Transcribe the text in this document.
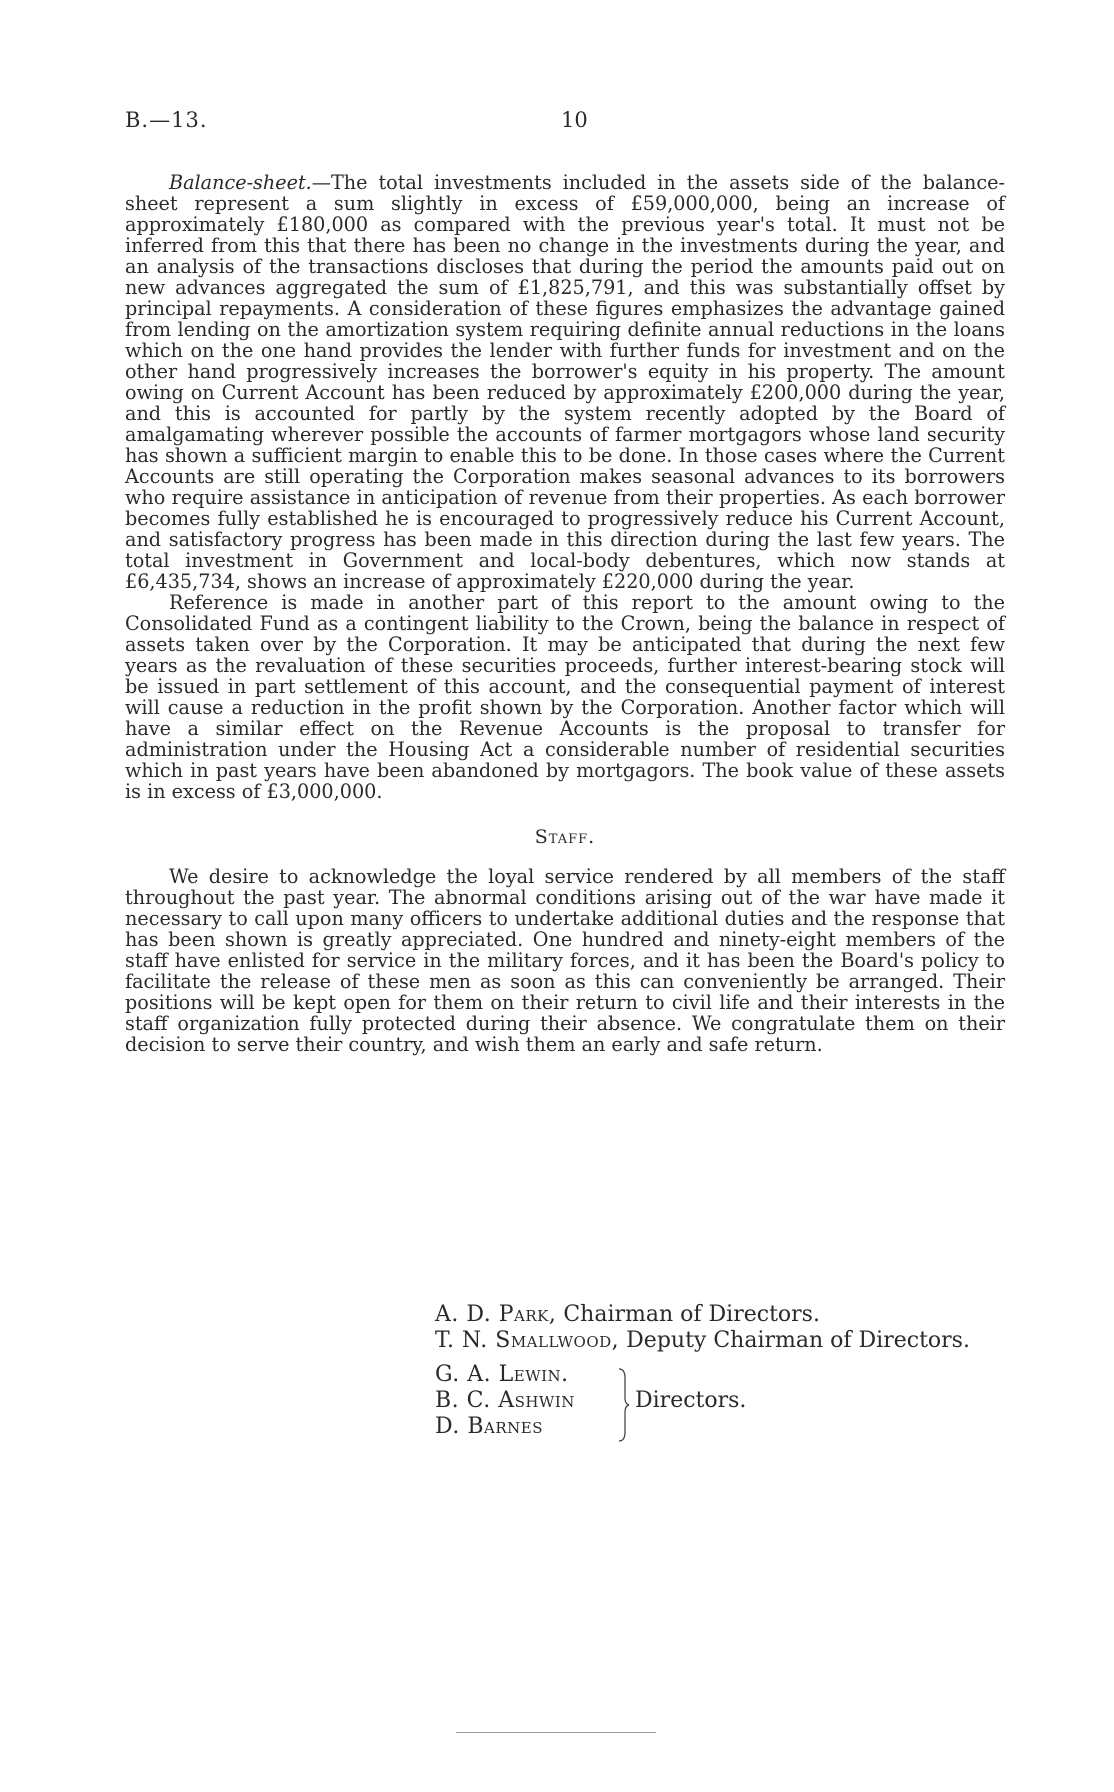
B.—13.	10

Balance-sheet.—The total investments included in the assets side of the balance-sheet represent a sum slightly in excess of £59,000,000, being an increase of approximately £180,000 as compared with the previous year's total. It must not be inferred from this that there has been no change in the investments during the year, and an analysis of the transactions discloses that during the period the amounts paid out on new advances aggregated the sum of £1,825,791, and this was substantially offset by principal repayments. A consideration of these figures emphasizes the advantage gained from lending on the amortization system requiring definite annual reductions in the loans which on the one hand provides the lender with further funds for investment and on the other hand progressively increases the borrower's equity in his property. The amount owing on Current Account has been reduced by approximately £200,000 during the year, and this is accounted for partly by the system recently adopted by the Board of amalgamating wherever possible the accounts of farmer mortgagors whose land security has shown a sufficient margin to enable this to be done. In those cases where the Current Accounts are still operating the Corporation makes seasonal advances to its borrowers who require assistance in anticipation of revenue from their properties. As each borrower becomes fully established he is encouraged to progressively reduce his Current Account, and satisfactory progress has been made in this direction during the last few years. The total investment in Government and local-body debentures, which now stands at £6,435,734, shows an increase of approximately £220,000 during the year.

Reference is made in another part of this report to the amount owing to the Consolidated Fund as a contingent liability to the Crown, being the balance in respect of assets taken over by the Corporation. It may be anticipated that during the next few years as the revaluation of these securities proceeds, further interest-bearing stock will be issued in part settlement of this account, and the consequential payment of interest will cause a reduction in the profit shown by the Corporation. Another factor which will have a similar effect on the Revenue Accounts is the proposal to transfer for administration under the Housing Act a considerable number of residential securities which in past years have been abandoned by mortgagors. The book value of these assets is in excess of £3,000,000.

Staff.

We desire to acknowledge the loyal service rendered by all members of the staff throughout the past year. The abnormal conditions arising out of the war have made it necessary to call upon many officers to undertake additional duties and the response that has been shown is greatly appreciated. One hundred and ninety-eight members of the staff have enlisted for service in the military forces, and it has been the Board's policy to facilitate the release of these men as soon as this can conveniently be arranged. Their positions will be kept open for them on their return to civil life and their interests in the staff organization fully protected during their absence. We congratulate them on their decision to serve their country, and wish them an early and safe return.

A. D. Park, Chairman of Directors.
T. N. Smallwood, Deputy Chairman of Directors.
G. A. Lewin.
B. C. Ashwin
D. Barnes
Directors.
